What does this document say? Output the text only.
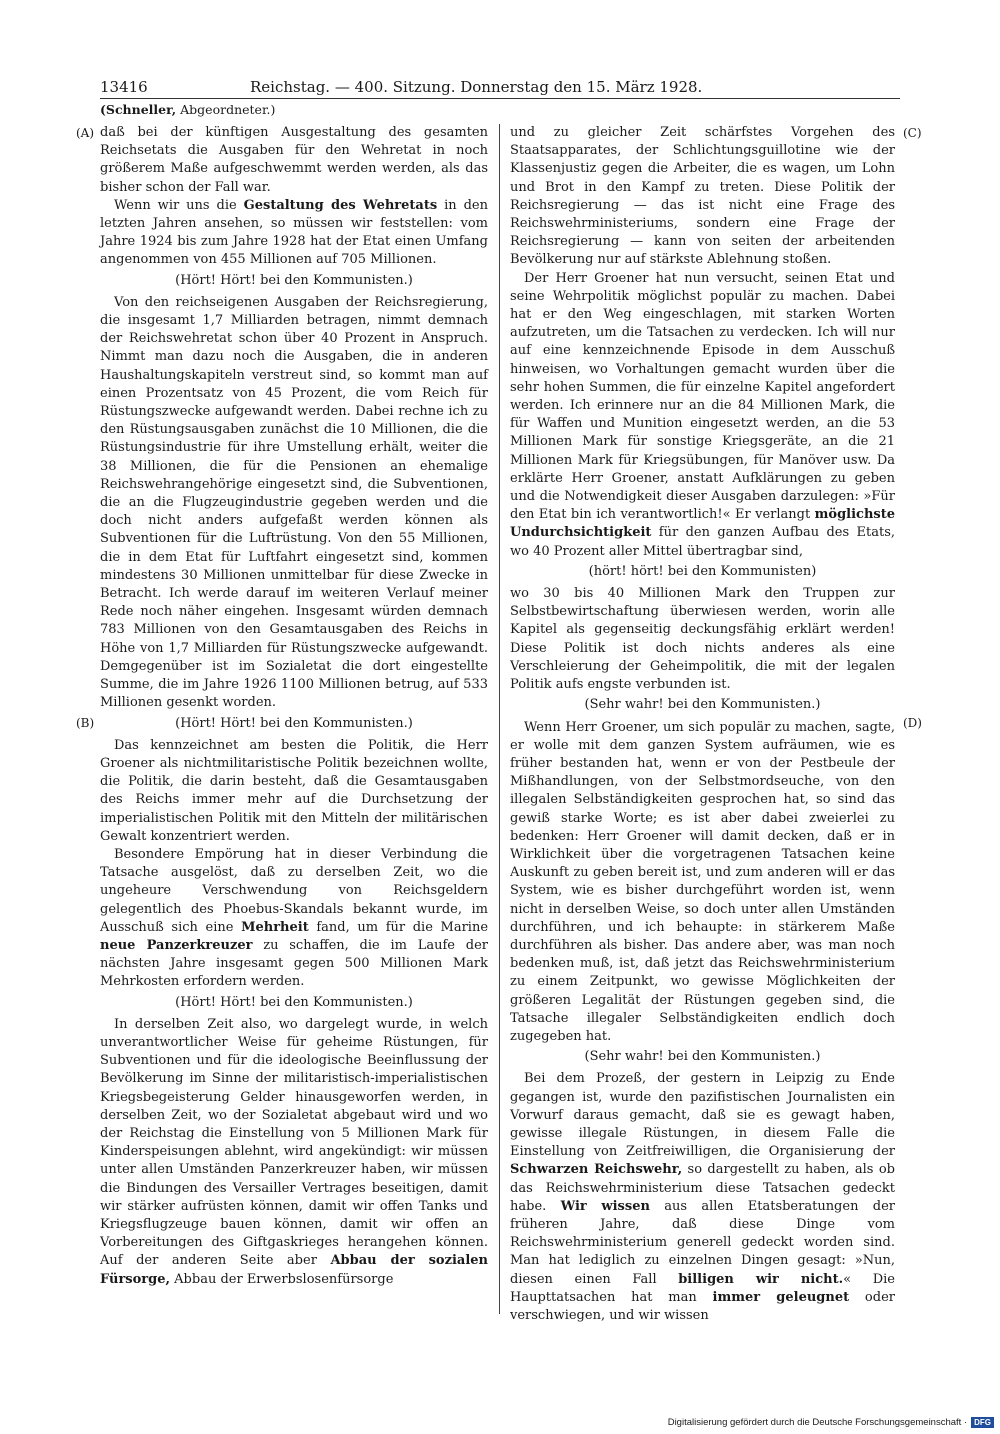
13416	Reichstag. — 400. Sitzung. Donnerstag den 15. März 1928.
(Schneller, Abgeordneter.)
(A)
(B)
(C)
(D)

daß bei der künftigen Ausgestaltung des gesamten Reichsetats die Ausgaben für den Wehretat in noch größerem Maße aufgeschwemmt werden werden, als das bisher schon der Fall war.

Wenn wir uns die Gestaltung des Wehretats in den letzten Jahren ansehen, so müssen wir feststellen: vom Jahre 1924 bis zum Jahre 1928 hat der Etat einen Umfang angenommen von 455 Millionen auf 705 Millionen.

(Hört! Hört! bei den Kommunisten.)

Von den reichseigenen Ausgaben der Reichsregierung, die insgesamt 1,7 Milliarden betragen, nimmt demnach der Reichswehretat schon über 40 Prozent in Anspruch. Nimmt man dazu noch die Ausgaben, die in anderen Haushaltungskapiteln verstreut sind, so kommt man auf einen Prozentsatz von 45 Prozent, die vom Reich für Rüstungszwecke aufgewandt werden. Dabei rechne ich zu den Rüstungsausgaben zunächst die 10 Millionen, die die Rüstungsindustrie für ihre Umstellung erhält, weiter die 38 Millionen, die für die Pensionen an ehemalige Reichswehrangehörige eingesetzt sind, die Subventionen, die an die Flugzeugindustrie gegeben werden und die doch nicht anders aufgefaßt werden können als Subventionen für die Luftrüstung. Von den 55 Millionen, die in dem Etat für Luftfahrt eingesetzt sind, kommen mindestens 30 Millionen unmittelbar für diese Zwecke in Betracht. Ich werde darauf im weiteren Verlauf meiner Rede noch näher eingehen. Insgesamt würden demnach 783 Millionen von den Gesamtausgaben des Reichs in Höhe von 1,7 Milliarden für Rüstungszwecke aufgewandt. Demgegenüber ist im Sozialetat die dort eingestellte Summe, die im Jahre 1926 1100 Millionen betrug, auf 533 Millionen gesenkt worden.

(Hört! Hört! bei den Kommunisten.)

Das kennzeichnet am besten die Politik, die Herr Groener als nichtmilitaristische Politik bezeichnen wollte, die Politik, die darin besteht, daß die Gesamtausgaben des Reichs immer mehr auf die Durchsetzung der imperialistischen Politik mit den Mitteln der militärischen Gewalt konzentriert werden.

Besondere Empörung hat in dieser Verbindung die Tatsache ausgelöst, daß zu derselben Zeit, wo die ungeheure Verschwendung von Reichsgeldern gelegentlich des Phoebus-Skandals bekannt wurde, im Ausschuß sich eine Mehrheit fand, um für die Marine neue Panzerkreuzer zu schaffen, die im Laufe der nächsten Jahre insgesamt gegen 500 Millionen Mark Mehrkosten erfordern werden.

(Hört! Hört! bei den Kommunisten.)

In derselben Zeit also, wo dargelegt wurde, in welch unverantwortlicher Weise für geheime Rüstungen, für Subventionen und für die ideologische Beeinflussung der Bevölkerung im Sinne der militaristisch-imperialistischen Kriegsbegeisterung Gelder hinausgeworfen werden, in derselben Zeit, wo der Sozialetat abgebaut wird und wo der Reichstag die Einstellung von 5 Millionen Mark für Kinderspeisungen ablehnt, wird angekündigt: wir müssen unter allen Umständen Panzerkreuzer haben, wir müssen die Bindungen des Versailler Vertrages beseitigen, damit wir stärker aufrüsten können, damit wir offen Tanks und Kriegsflugzeuge bauen können, damit wir offen an Vorbereitungen des Giftgaskrieges herangehen können. Auf der anderen Seite aber Abbau der sozialen Fürsorge, Abbau der Erwerbslosenfürsorge

und zu gleicher Zeit schärfstes Vorgehen des Staatsapparates, der Schlichtungsguillotine wie der Klassenjustiz gegen die Arbeiter, die es wagen, um Lohn und Brot in den Kampf zu treten. Diese Politik der Reichsregierung — das ist nicht eine Frage des Reichswehrministeriums, sondern eine Frage der Reichsregierung — kann von seiten der arbeitenden Bevölkerung nur auf stärkste Ablehnung stoßen.

Der Herr Groener hat nun versucht, seinen Etat und seine Wehrpolitik möglichst populär zu machen. Dabei hat er den Weg eingeschlagen, mit starken Worten aufzutreten, um die Tatsachen zu verdecken. Ich will nur auf eine kennzeichnende Episode in dem Ausschuß hinweisen, wo Vorhaltungen gemacht wurden über die sehr hohen Summen, die für einzelne Kapitel angefordert werden. Ich erinnere nur an die 84 Millionen Mark, die für Waffen und Munition eingesetzt werden, an die 53 Millionen Mark für sonstige Kriegsgeräte, an die 21 Millionen Mark für Kriegsübungen, für Manöver usw. Da erklärte Herr Groener, anstatt Aufklärungen zu geben und die Notwendigkeit dieser Ausgaben darzulegen: »Für den Etat bin ich verantwortlich!« Er verlangt möglichste Undurchsichtigkeit für den ganzen Aufbau des Etats, wo 40 Prozent aller Mittel übertragbar sind,

(hört! hört! bei den Kommunisten)

wo 30 bis 40 Millionen Mark den Truppen zur Selbstbewirtschaftung überwiesen werden, worin alle Kapitel als gegenseitig deckungsfähig erklärt werden! Diese Politik ist doch nichts anderes als eine Verschleierung der Geheimpolitik, die mit der legalen Politik aufs engste verbunden ist.

(Sehr wahr! bei den Kommunisten.)

Wenn Herr Groener, um sich populär zu machen, sagte, er wolle mit dem ganzen System aufräumen, wie es früher bestanden hat, wenn er von der Pestbeule der Mißhandlungen, von der Selbstmordseuche, von den illegalen Selbständigkeiten gesprochen hat, so sind das gewiß starke Worte; es ist aber dabei zweierlei zu bedenken: Herr Groener will damit decken, daß er in Wirklichkeit über die vorgetragenen Tatsachen keine Auskunft zu geben bereit ist, und zum anderen will er das System, wie es bisher durchgeführt worden ist, wenn nicht in derselben Weise, so doch unter allen Umständen durchführen, und ich behaupte: in stärkerem Maße durchführen als bisher. Das andere aber, was man noch bedenken muß, ist, daß jetzt das Reichswehrministerium zu einem Zeitpunkt, wo gewisse Möglichkeiten der größeren Legalität der Rüstungen gegeben sind, die Tatsache illegaler Selbständigkeiten endlich doch zugegeben hat.

(Sehr wahr! bei den Kommunisten.)

Bei dem Prozeß, der gestern in Leipzig zu Ende gegangen ist, wurde den pazifistischen Journalisten ein Vorwurf daraus gemacht, daß sie es gewagt haben, gewisse illegale Rüstungen, in diesem Falle die Einstellung von Zeitfreiwilligen, die Organisierung der Schwarzen Reichswehr, so dargestellt zu haben, als ob das Reichswehrministerium diese Tatsachen gedeckt habe. Wir wissen aus allen Etatsberatungen der früheren Jahre, daß diese Dinge vom Reichswehrministerium generell gedeckt worden sind. Man hat lediglich zu einzelnen Dingen gesagt: »Nun, diesen einen Fall billigen wir nicht.« Die Haupttatsachen hat man immer geleugnet oder verschwiegen, und wir wissen

Digitalisierung gefördert durch die Deutsche Forschungsgemeinschaft · DFG
